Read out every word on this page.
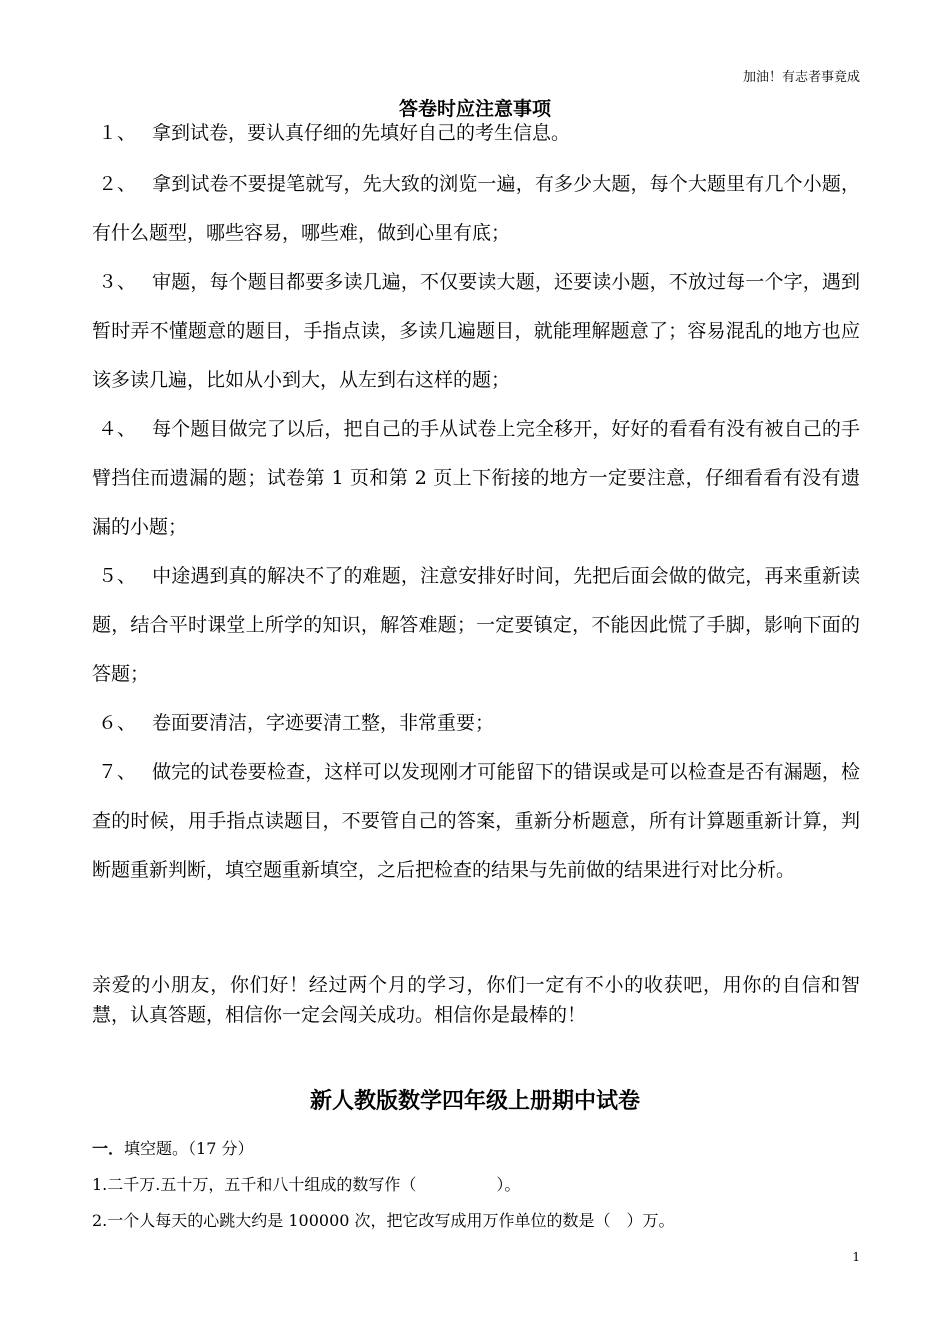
加油！有志者事竟成
答卷时应注意事项
１、 拿到试卷，要认真仔细的先填好自己的考生信息。
２、 拿到试卷不要提笔就写，先大致的浏览一遍，有多少大题，每个大题里有几个小题，有什么题型，哪些容易，哪些难，做到心里有底；
３、 审题，每个题目都要多读几遍，不仅要读大题，还要读小题，不放过每一个字，遇到暂时弄不懂题意的题目，手指点读，多读几遍题目，就能理解题意了；容易混乱的地方也应该多读几遍，比如从小到大，从左到右这样的题；
４、 每个题目做完了以后，把自己的手从试卷上完全移开，好好的看看有没有被自己的手臂挡住而遗漏的题；试卷第 1 页和第 2 页上下衔接的地方一定要注意，仔细看看有没有遗漏的小题；
５、 中途遇到真的解决不了的难题，注意安排好时间，先把后面会做的做完，再来重新读题，结合平时课堂上所学的知识，解答难题；一定要镇定，不能因此慌了手脚，影响下面的答题；
６、 卷面要清洁，字迹要清工整，非常重要；
７、 做完的试卷要检查，这样可以发现刚才可能留下的错误或是可以检查是否有漏题，检查的时候，用手指点读题目，不要管自己的答案，重新分析题意，所有计算题重新计算，判断题重新判断，填空题重新填空，之后把检查的结果与先前做的结果进行对比分析。

亲爱的小朋友，你们好！经过两个月的学习，你们一定有不小的收获吧，用你的自信和智慧，认真答题，相信你一定会闯关成功。相信你是最棒的！

新人教版数学四年级上册期中试卷
一．填空题。（17 分）
1.二千万.五十万，五千和八十组成的数写作（　　　　　）。
2.一个人每天的心跳大约是 100000 次，把它改写成用万作单位的数是（　）万。
1
